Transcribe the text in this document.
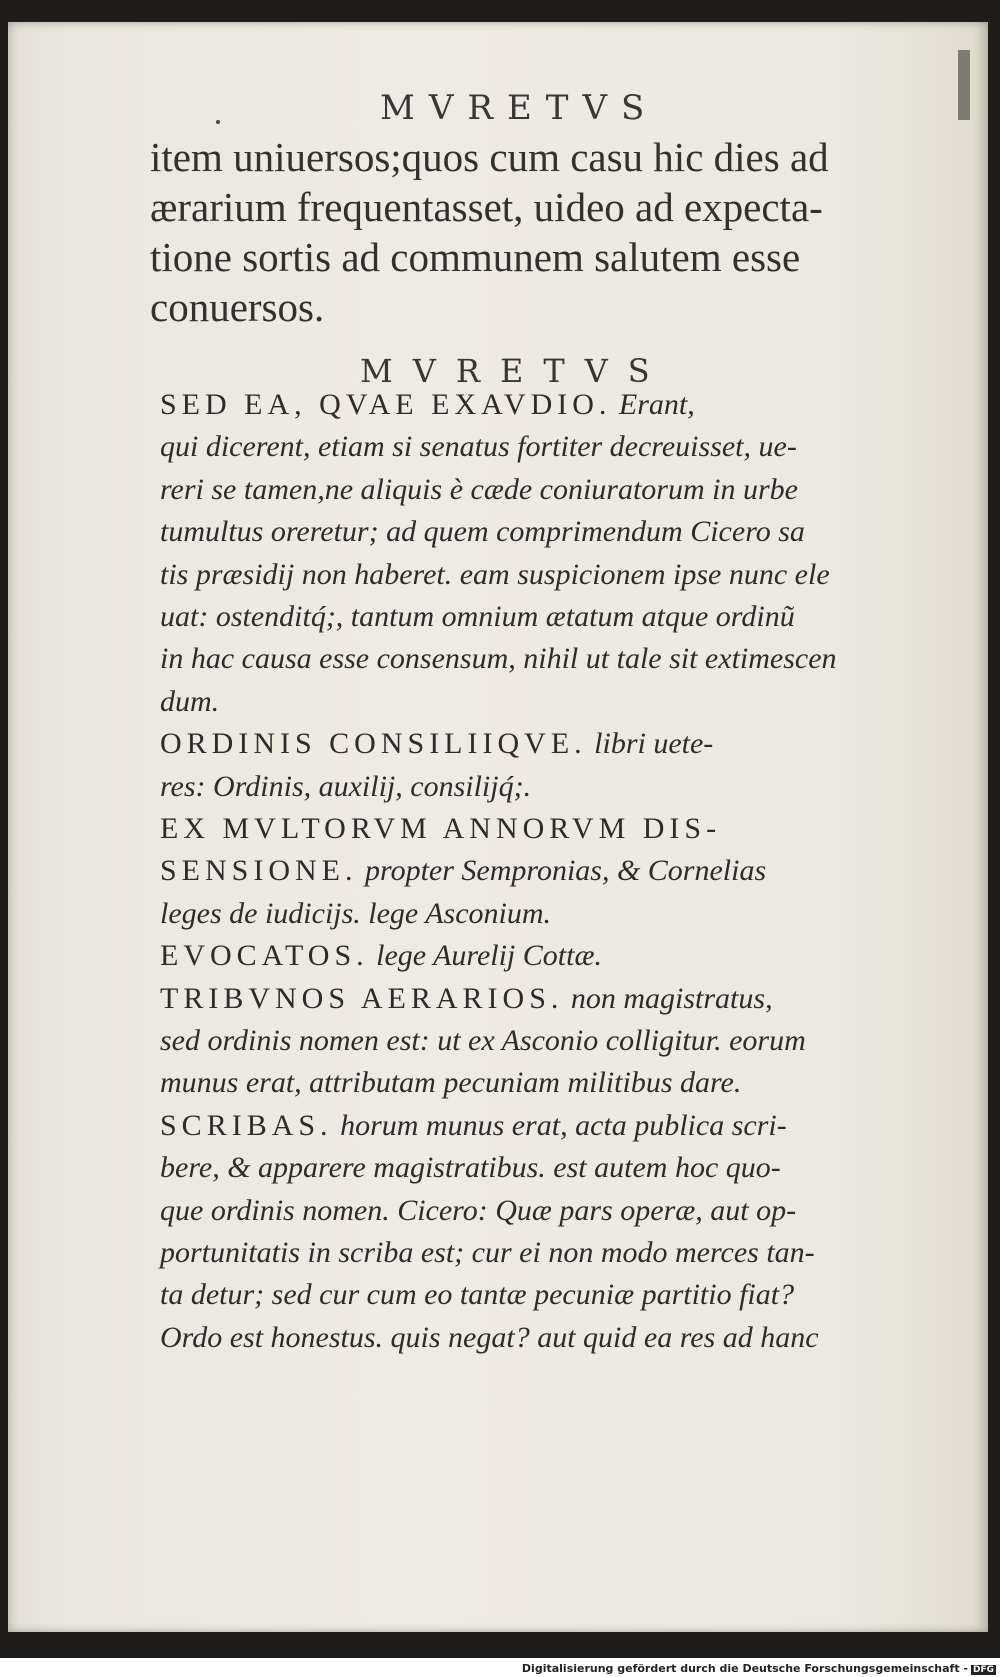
MVRETVS
item uniuersos;quos cum casu hic dies ad
ærarium frequentasset, uideo ad expecta-
tione sortis ad communem salutem esse
conuersos.
MVRETVS
SED EA, QVAE EXAVDIO. Erant,
qui dicerent, etiam si senatus fortiter decreuisset, ue-
reri se tamen,ne aliquis è cæde coniuratorum in urbe
tumultus oreretur; ad quem comprimendum Cicero sa
tis præsidij non haberet. eam suspicionem ipse nunc ele
uat: ostenditq́;, tantum omnium ætatum atque ordinũ
in hac causa esse consensum, nihil ut tale sit extimescen
dum.
ORDINIS CONSILIIQVE. libri uete-
res: Ordinis, auxilij, consilijq́;.
EX MVLTORVM ANNORVM DIS-
SENSIONE. propter Sempronias, & Cornelias
leges de iudicijs. lege Asconium.
EVOCATOS. lege Aurelij Cottæ.
TRIBVNOS AERARIOS. non magistratus,
sed ordinis nomen est: ut ex Asconio colligitur. eorum
munus erat, attributam pecuniam militibus dare.
SCRIBAS. horum munus erat, acta publica scri-
bere, & apparere magistratibus. est autem hoc quo-
que ordinis nomen. Cicero: Quæ pars operæ, aut op-
portunitatis in scriba est; cur ei non modo merces tan-
ta detur; sed cur cum eo tantæ pecuniæ partitio fiat?
Ordo est honestus. quis negat? aut quid ea res ad hanc
Digitalisierung gefördert durch die Deutsche Forschungsgemeinschaft - DFG
